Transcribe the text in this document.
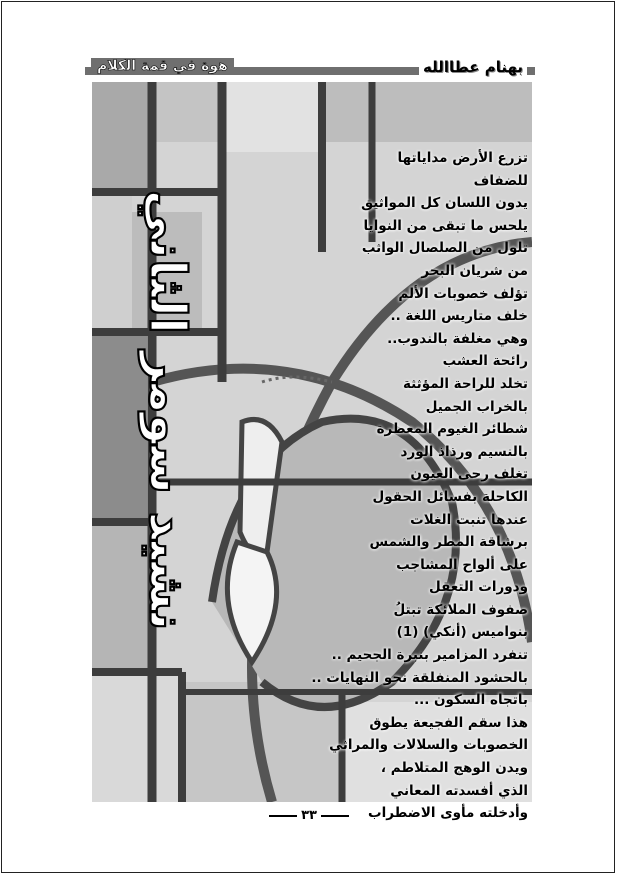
بهنام عطاالله
هوة في قمة الكلام
نشيد سومر الثاني
تزرع الأرض مداياتها
للضفاف
يدون اللسان كل المواثيق
يلحس ما تبقى من النوايا
تلول من الصلصال الواثب
من شريان البحر
تؤلف خصوبات الألم
خلف متاريس اللغة ..
وهي مغلفة بالندوب..
رائحة العشب
تخلد للراحة المؤثثة
بالخراب الجميل
شطائر الغيوم المعطرة
بالنسيم ورذاذ الورد
تغلف رحى العيون
الكاحلة بفسائل الحقول
عندها تنبت الغلات
برشاقة المطر والشمس
على ألواح المشاجب
ودورات التعقل
صفوف الملائكة تبتلُ
بنواميس (أنكي) (1)
تنفرد المزامير بنبرة الجحيم ..
بالحشود المنفلقة نحو النهايات ..
باتجاه السكون ...
هذا سقم الفجيعة يطوق
الخصوبات والسلالات والمراثي
ويدن الوهج المتلاطم ،
الذي أفسدته المعاني
وأدخلته مأوى الاضطراب
٣٣
